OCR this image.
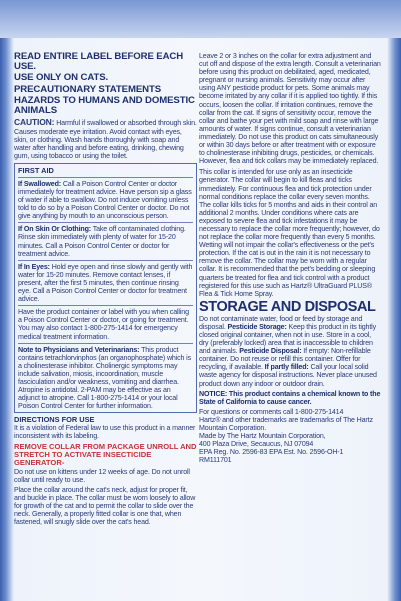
READ ENTIRE LABEL BEFORE EACH USE.
USE ONLY ON CATS.
PRECAUTIONARY STATEMENTS
HAZARDS TO HUMANS AND DOMESTIC ANIMALS
CAUTION: Harmful if swallowed or absorbed through skin. Causes moderate eye irritation. Avoid contact with eyes, skin, or clothing. Wash hands thoroughly with soap and water after handling and before eating, drinking, chewing gum, using tobacco or using the toilet.
FIRST AID
If Swallowed: Call a Poison Control Center or doctor immediately for treatment advice. Have person sip a glass of water if able to swallow. Do not induce vomiting unless told to do so by a Poison Control Center or doctor. Do not give anything by mouth to an unconscious person.
If On Skin Or Clothing: Take off contaminated clothing. Rinse skin immediately with plenty of water for 15-20 minutes. Call a Poison Control Center or doctor for treatment advice.
If In Eyes: Hold eye open and rinse slowly and gently with water for 15-20 minutes. Remove contact lenses, if present, after the first 5 minutes, then continue rinsing eye. Call a Poison Control Center or doctor for treatment advice.
Have the product container or label with you when calling a Poison Control Center or doctor, or going for treatment. You may also contact 1-800-275-1414 for emergency medical treatment information.
Note to Physicians and Veterinarians: This product contains tetrachlorvinphos (an organophosphate) which is a cholinesterase inhibitor. Cholinergic symptoms may include salivation, miosis, incoordination, muscle fasciculation and/or weakness, vomiting and diarrhea. Atropine is antidotal. 2-PAM may be effective as an adjunct to atropine. Call 1-800-275-1414 or your local Poison Control Center for further information.
DIRECTIONS FOR USE
It is a violation of Federal law to use this product in a manner inconsistent with its labeling.
REMOVE COLLAR FROM PACKAGE UNROLL AND STRETCH TO ACTIVATE INSECTICIDE GENERATOR-
Do not use on kittens under 12 weeks of age. Do not unroll collar until ready to use.
Place the collar around the cat's neck, adjust for proper fit, and buckle in place. The collar must be worn loosely to allow for growth of the cat and to permit the collar to slide over the neck. Generally, a properly fitted collar is one that, when fastened, will snugly slide over the cat's head.
Leave 2 or 3 inches on the collar for extra adjustment and cut off and dispose of the extra length. Consult a veterinarian before using this product on debilitated, aged, medicated, pregnant or nursing animals. Sensitivity may occur after using ANY pesticide product for pets. Some animals may become irritated by any collar if it is applied too tightly. If this occurs, loosen the collar. If irritation continues, remove the collar from the cat. If signs of sensitivity occur, remove the collar and bathe your pet with mild soap and rinse with large amounts of water. If signs continue, consult a veterinarian immediately. Do not use this product on cats simultaneously or within 30 days before or after treatment with or exposure to cholinesterase inhibiting drugs, pesticides, or chemicals. However, flea and tick collars may be immediately replaced.
This collar is intended for use only as an insecticide generator. The collar will begin to kill fleas and ticks immediately. For continuous flea and tick protection under normal conditions replace the collar every seven months. The collar kills ticks for 5 months and aids in their control an additional 2 months. Under conditions where cats are exposed to severe flea and tick infestations it may be necessary to replace the collar more frequently; however, do not replace the collar more frequently than every 5 months. Wetting will not impair the collar's effectiveness or the pet's protection. If the cat is out in the rain it is not necessary to remove the collar. The collar may be worn with a regular collar. It is recommended that the pet's bedding or sleeping quarters be treated for flea and tick control with a product registered for this use such as Hartz® UltraGuard PLUS® Flea & Tick Home Spray.
STORAGE AND DISPOSAL
Do not contaminate water, food or feed by storage and disposal. Pesticide Storage: Keep this product in its tightly closed original container, when not in use. Store in a cool, dry (preferably locked) area that is inaccessible to children and animals. Pesticide Disposal: If empty: Non-refillable container. Do not reuse or refill this container. Offer for recycling, if available. If partly filled: Call your local solid waste agency for disposal instructions. Never place unused product down any indoor or outdoor drain.
NOTICE: This product contains a chemical known to the State of California to cause cancer.
For questions or comments call 1-800-275-1414
Hartz® and other trademarks are trademarks of The Hartz Mountain Corporation.
Made by The Hartz Mountain Corporation,
400 Plaza Drive, Secaucus, NJ 07094
EPA Reg. No. 2596-83 EPA Est. No. 2596-OH-1
RM111701
